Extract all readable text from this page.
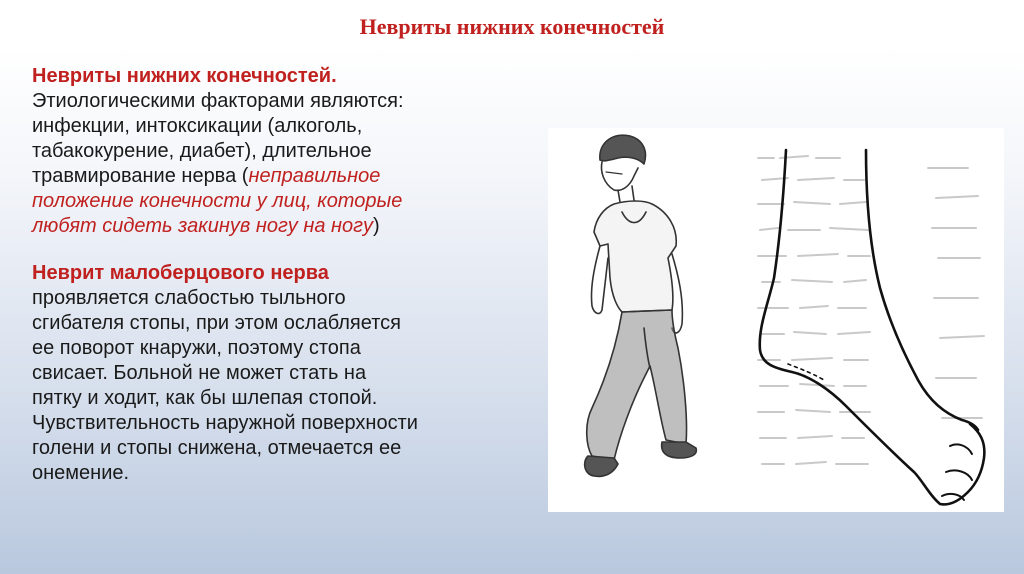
Невриты нижних конечностей

Невриты нижних конечностей.
Этиологическими факторами являются:
инфекции, интоксикации (алкоголь,
табакокурение, диабет), длительное
травмирование нерва (неправильное
положение конечности у лиц, которые
любят сидеть закинув ногу на ногу)

Неврит малоберцового нерва
проявляется слабостью тыльного
сгибателя стопы, при этом ослабляется
ее поворот кнаружи, поэтому стопа
свисает. Больной не может стать на
пятку и ходит, как бы шлепая стопой.
Чувствительность наружной поверхности
голени и стопы снижена, отмечается ее
онемение.
